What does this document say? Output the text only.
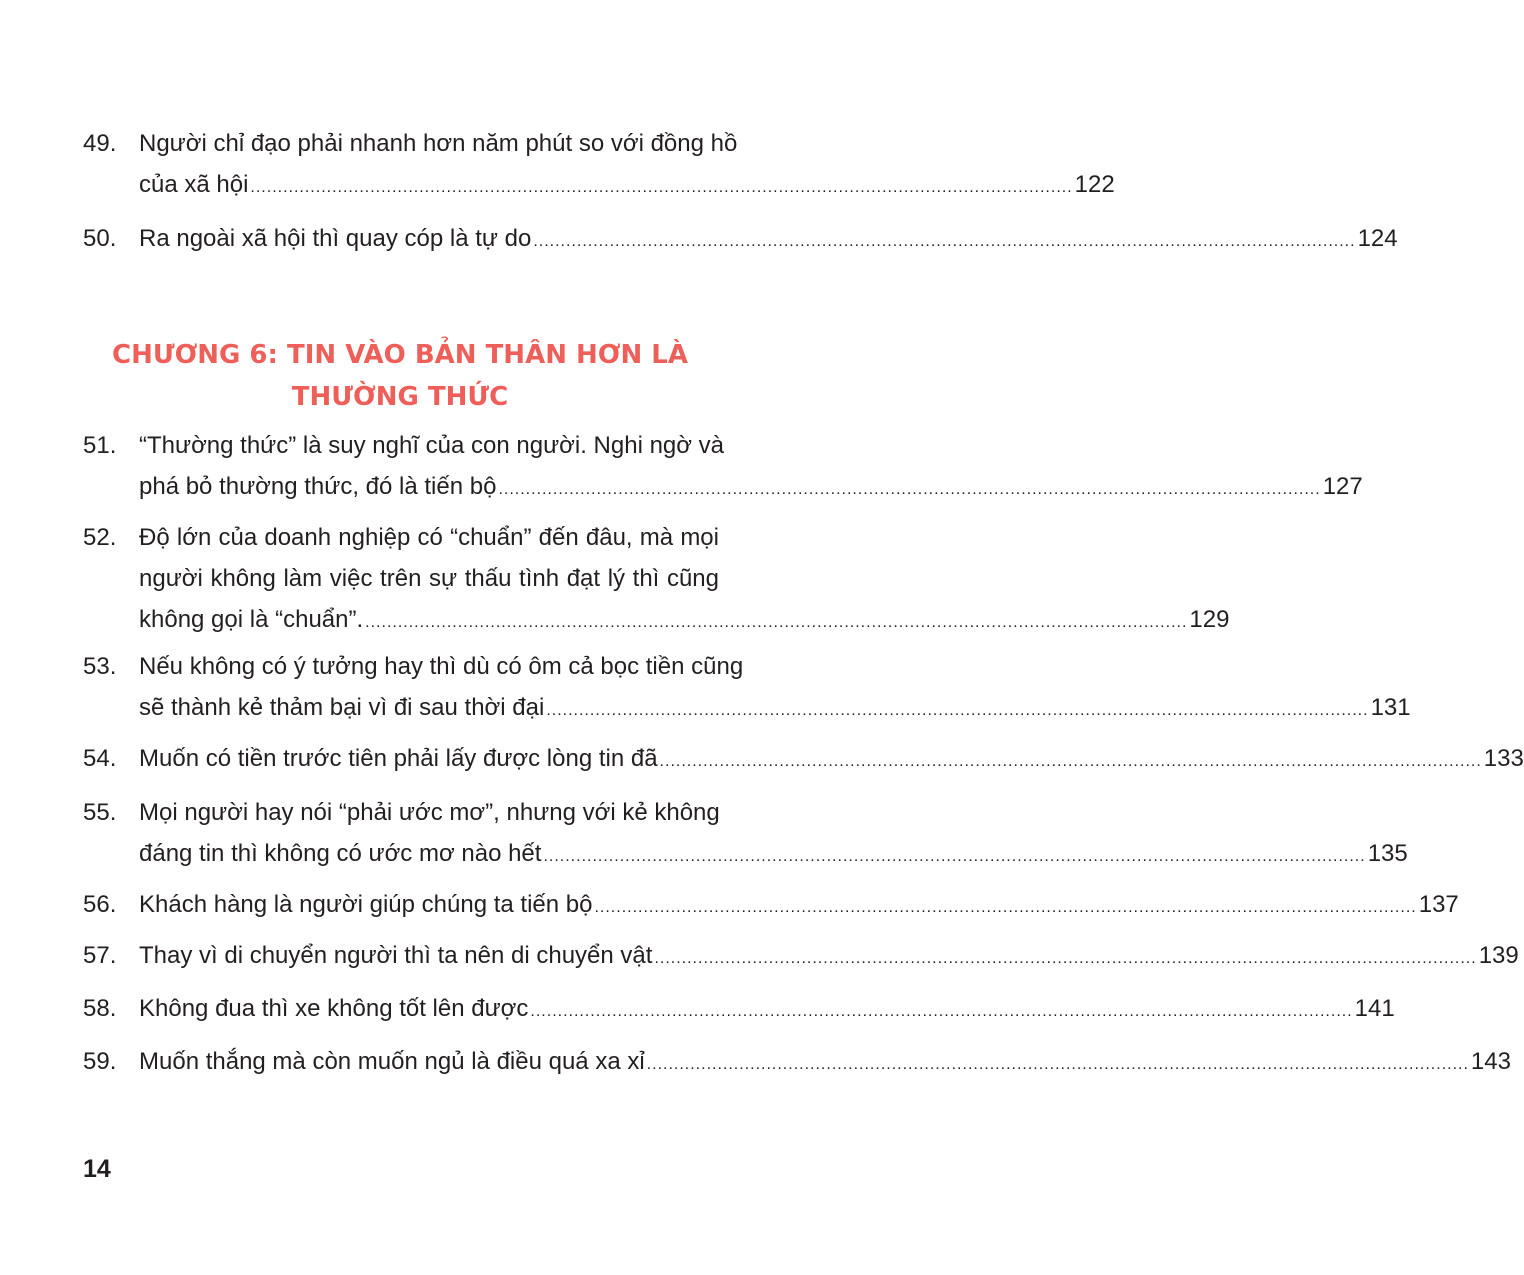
49. Người chỉ đạo phải nhanh hơn năm phút so với đồng hồ
của xã hội ....................................................................................................................................................... 122
50. Ra ngoài xã hội thì quay cóp là tự do ....................................................................................................................................................... 124
CHƯƠNG 6: TIN VÀO BẢN THÂN HƠN LÀ
THƯỜNG THỨC
51. “Thường thức” là suy nghĩ của con người. Nghi ngờ và
phá bỏ thường thức, đó là tiến bộ ....................................................................................................................................................... 127
52. Độ lớn của doanh nghiệp có “chuẩn” đến đâu, mà mọi
người không làm việc trên sự thấu tình đạt lý thì cũng
không gọi là “chuẩn”. ....................................................................................................................................................... 129
53. Nếu không có ý tưởng hay thì dù có ôm cả bọc tiền cũng
sẽ thành kẻ thảm bại vì đi sau thời đại ....................................................................................................................................................... 131
54. Muốn có tiền trước tiên phải lấy được lòng tin đã ....................................................................................................................................................... 133
55. Mọi người hay nói “phải ước mơ”, nhưng với kẻ không
đáng tin thì không có ước mơ nào hết ....................................................................................................................................................... 135
56. Khách hàng là người giúp chúng ta tiến bộ ....................................................................................................................................................... 137
57. Thay vì di chuyển người thì ta nên di chuyển vật ....................................................................................................................................................... 139
58. Không đua thì xe không tốt lên được ....................................................................................................................................................... 141
59. Muốn thắng mà còn muốn ngủ là điều quá xa xỉ ....................................................................................................................................................... 143
14
